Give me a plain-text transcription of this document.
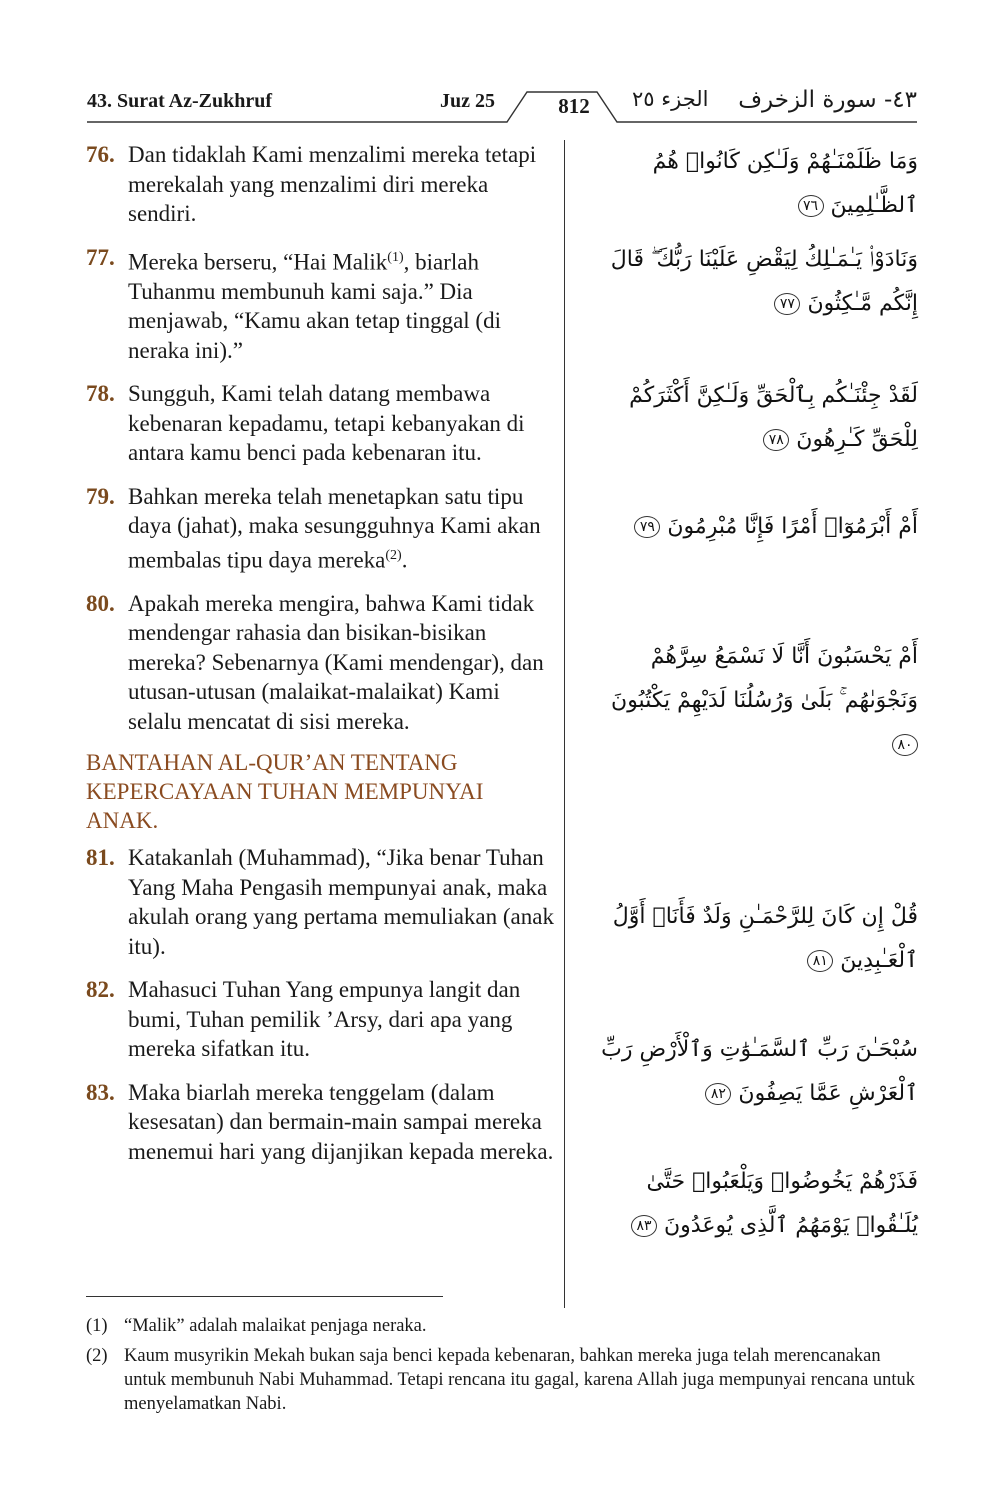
43. Surat Az-Zukhruf	Juz 25	812	الجزء ٢٥ ٤٣- سورة الزخرف
76. Dan tidaklah Kami menzalimi mereka tetapi merekalah yang menzalimi diri mereka sendiri.
77. Mereka berseru, “Hai Malik$^{(1)}$, biarlah Tuhanmu membunuh kami saja.” Dia menjawab, “Kamu akan tetap tinggal (di neraka ini).”
78. Sungguh, Kami telah datang membawa kebenaran kepadamu, tetapi kebanyakan di antara kamu benci pada kebenaran itu.
79. Bahkan mereka telah menetapkan satu tipu daya (jahat), maka sesungguhnya Kami akan membalas tipu daya mereka$^{(2)}$.
80. Apakah mereka mengira, bahwa Kami tidak mendengar rahasia dan bisikan-bisikan mereka? Sebenarnya (Kami mendengar), dan utusan-utusan (malaikat-malaikat) Kami selalu mencatat di sisi mereka.
BANTAHAN AL-QUR’AN TENTANG KEPERCAYAAN TUHAN MEMPUNYAI ANAK.
81. Katakanlah (Muhammad), “Jika benar Tuhan Yang Maha Pengasih mempunyai anak, maka akulah orang yang pertama memuliakan (anak itu).
82. Mahasuci Tuhan Yang empunya langit dan bumi, Tuhan pemilik ’Arsy, dari apa yang mereka sifatkan itu.
83. Maka biarlah mereka tenggelam (dalam kesesatan) dan bermain-main sampai mereka menemui hari yang dijanjikan kepada mereka.
وَمَا ظَلَمْنَـٰهُمْ وَلَـٰكِن كَانُوا۟ هُمُ ٱلظَّـٰلِمِينَ ٧٦
وَنَادَوْا۟ يَـٰمَـٰلِكُ لِيَقْضِ عَلَيْنَا رَبُّكَ ۖ قَالَ إِنَّكُم مَّـٰكِثُونَ ٧٧
لَقَدْ جِئْنَـٰكُم بِٱلْحَقِّ وَلَـٰكِنَّ أَكْثَرَكُمْ لِلْحَقِّ كَـٰرِهُونَ ٧٨
أَمْ أَبْرَمُوٓا۟ أَمْرًا فَإِنَّا مُبْرِمُونَ ٧٩
أَمْ يَحْسَبُونَ أَنَّا لَا نَسْمَعُ سِرَّهُمْ وَنَجْوَىٰهُم ۚ بَلَىٰ وَرُسُلُنَا لَدَيْهِمْ يَكْتُبُونَ ٨٠
قُلْ إِن كَانَ لِلرَّحْمَـٰنِ وَلَدٌ فَأَنَا۠ أَوَّلُ ٱلْعَـٰبِدِينَ ٨١
سُبْحَـٰنَ رَبِّ ٱلسَّمَـٰوَٰتِ وَٱلْأَرْضِ رَبِّ ٱلْعَرْشِ عَمَّا يَصِفُونَ ٨٢
فَذَرْهُمْ يَخُوضُوا۟ وَيَلْعَبُوا۟ حَتَّىٰ يُلَـٰقُوا۟ يَوْمَهُمُ ٱلَّذِى يُوعَدُونَ ٨٣
(1) “Malik” adalah malaikat penjaga neraka.
(2) Kaum musyrikin Mekah bukan saja benci kepada kebenaran, bahkan mereka juga telah merencanakan untuk membunuh Nabi Muhammad. Tetapi rencana itu gagal, karena Allah juga mempunyai rencana untuk menyelamatkan Nabi.
